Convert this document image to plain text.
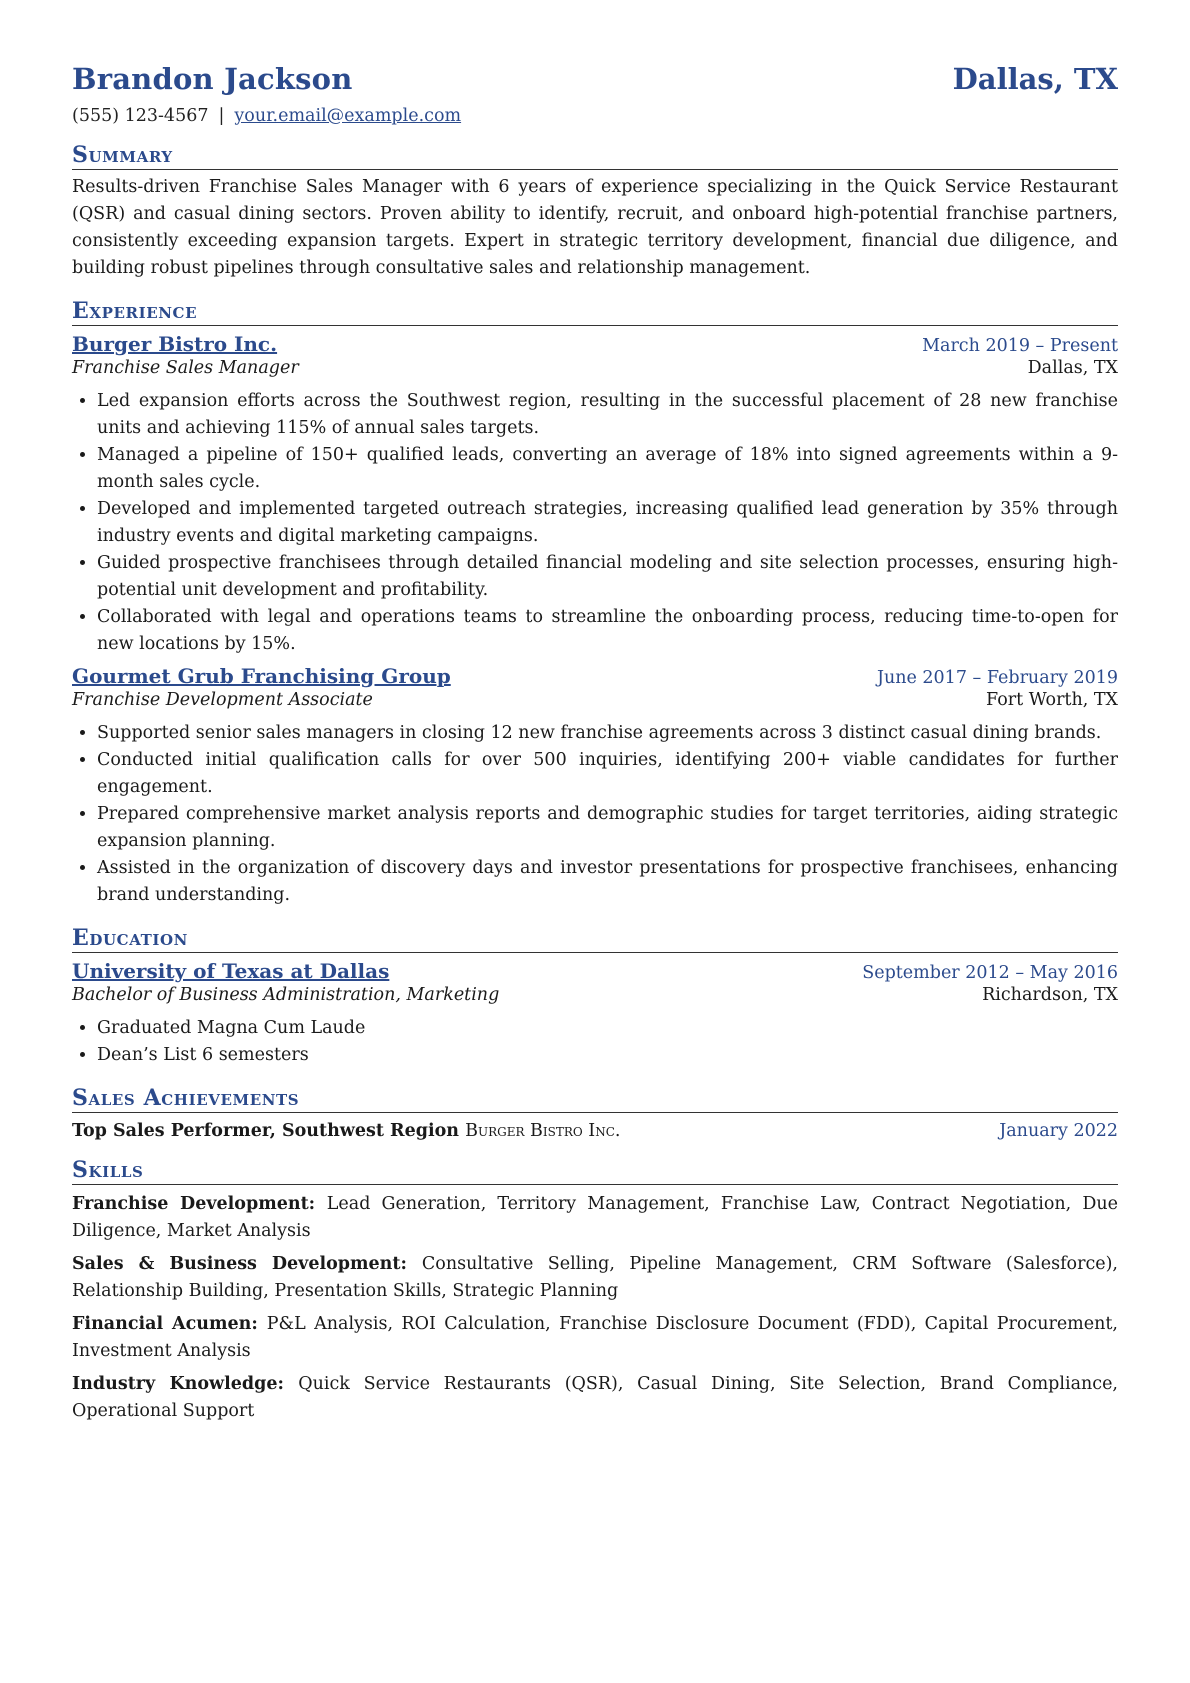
Brandon Jackson	Dallas, TX
(555) 123-4567 | your.email@example.com
Summary
Results-driven Franchise Sales Manager with 6 years of experience specializing in the Quick Service Restaurant (QSR) and casual dining sectors. Proven ability to identify, recruit, and onboard high-potential franchise partners, consistently exceeding expansion targets. Expert in strategic territory development, financial due diligence, and building robust pipelines through consultative sales and relationship management.
Experience
Burger Bistro Inc.	March 2019 – Present
Franchise Sales Manager	Dallas, TX
• Led expansion efforts across the Southwest region, resulting in the successful placement of 28 new franchise units and achieving 115% of annual sales targets.
• Managed a pipeline of 150+ qualified leads, converting an average of 18% into signed agreements within a 9-month sales cycle.
• Developed and implemented targeted outreach strategies, increasing qualified lead generation by 35% through industry events and digital marketing campaigns.
• Guided prospective franchisees through detailed financial modeling and site selection processes, ensuring high-potential unit development and profitability.
• Collaborated with legal and operations teams to streamline the onboarding process, reducing time-to-open for new locations by 15%.
Gourmet Grub Franchising Group	June 2017 – February 2019
Franchise Development Associate	Fort Worth, TX
• Supported senior sales managers in closing 12 new franchise agreements across 3 distinct casual dining brands.
• Conducted initial qualification calls for over 500 inquiries, identifying 200+ viable candidates for further engagement.
• Prepared comprehensive market analysis reports and demographic studies for target territories, aiding strategic expansion planning.
• Assisted in the organization of discovery days and investor presentations for prospective franchisees, enhancing brand understanding.
Education
University of Texas at Dallas	September 2012 – May 2016
Bachelor of Business Administration, Marketing	Richardson, TX
• Graduated Magna Cum Laude
• Dean’s List 6 semesters
Sales Achievements
Top Sales Performer, Southwest Region Burger Bistro Inc.	January 2022
Skills
Franchise Development: Lead Generation, Territory Management, Franchise Law, Contract Negotiation, Due Diligence, Market Analysis
Sales & Business Development: Consultative Selling, Pipeline Management, CRM Software (Salesforce), Relationship Building, Presentation Skills, Strategic Planning
Financial Acumen: P&L Analysis, ROI Calculation, Franchise Disclosure Document (FDD), Capital Procurement, Investment Analysis
Industry Knowledge: Quick Service Restaurants (QSR), Casual Dining, Site Selection, Brand Compliance, Operational Support
